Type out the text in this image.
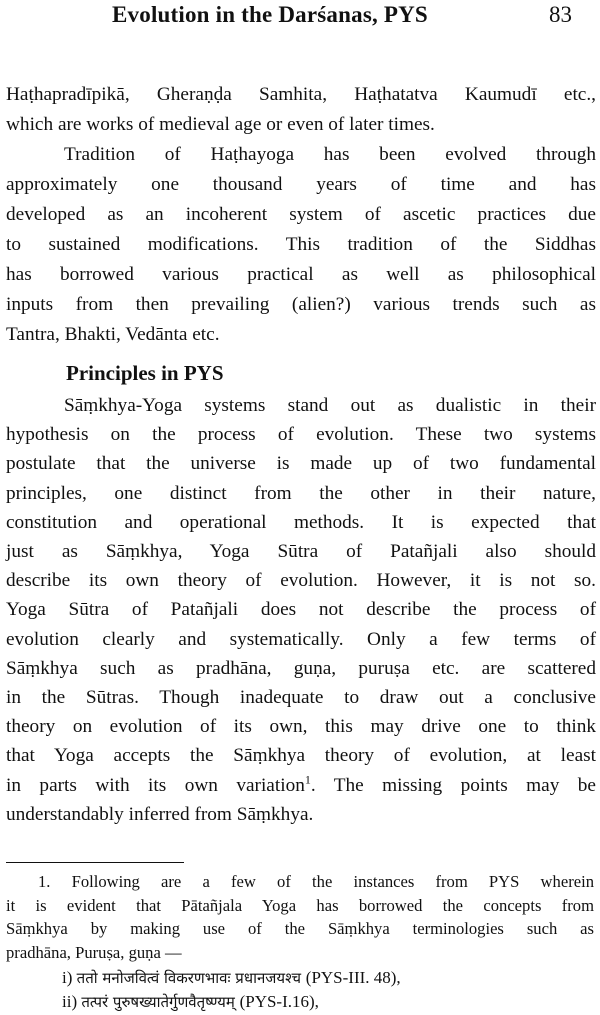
Evolution in the Darśanas, PYS	83
Haṭhapradīpikā, Gheraṇḍa Samhita, Haṭhatatva Kaumudī etc.,
which are works of medieval age or even of later times.
Tradition of Haṭhayoga has been evolved through
approximately one thousand years of time and has
developed as an incoherent system of ascetic practices due
to sustained modifications. This tradition of the Siddhas
has borrowed various practical as well as philosophical
inputs from then prevailing (alien?) various trends such as
Tantra, Bhakti, Vedānta etc.
Principles in PYS
Sāṃkhya-Yoga systems stand out as dualistic in their
hypothesis on the process of evolution. These two systems
postulate that the universe is made up of two fundamental
principles, one distinct from the other in their nature,
constitution and operational methods. It is expected that
just as Sāṃkhya, Yoga Sūtra of Patañjali also should
describe its own theory of evolution. However, it is not so.
Yoga Sūtra of Patañjali does not describe the process of
evolution clearly and systematically. Only a few terms of
Sāṃkhya such as pradhāna, guṇa, puruṣa etc. are scattered
in the Sūtras. Though inadequate to draw out a conclusive
theory on evolution of its own, this may drive one to think
that Yoga accepts the Sāṃkhya theory of evolution, at least
in parts with its own variation$^1$. The missing points may be
understandably inferred from Sāṃkhya.
1. Following are a few of the instances from PYS wherein
it is evident that Pātañjala Yoga has borrowed the concepts from
Sāṃkhya by making use of the Sāṃkhya terminologies such as
pradhāna, Puruṣa, guṇa —
i) ततो मनोजवित्वं विकरणभावः प्रधानजयश्च (PYS-III. 48),
ii) तत्परं पुरुषख्यातेर्गुणवैतृष्ण्यम् (PYS-I.16),
